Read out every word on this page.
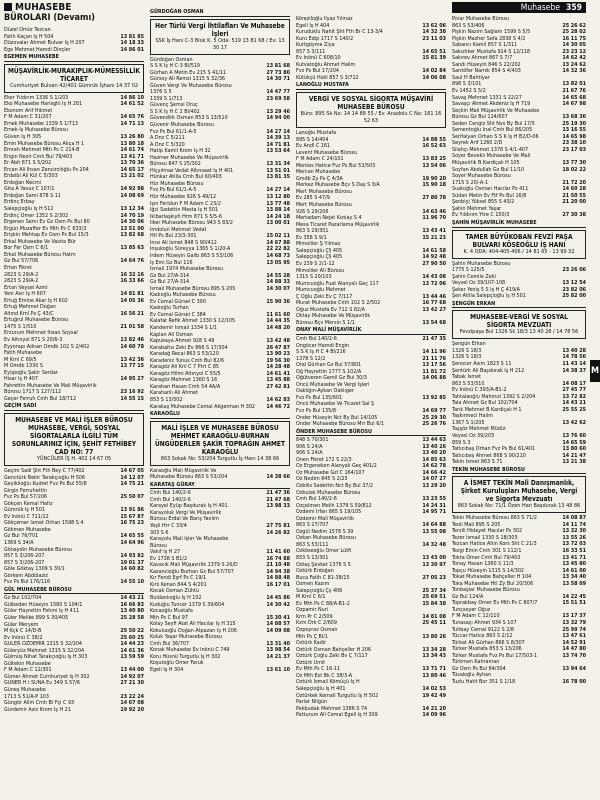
MUHASEBE
BÜROLARI (Devamı)
Muhasebe 359
M
Düzel Ömür Tezcan
Fatih Kaçan Iş H 504	13 81 85
Düzovalar Ahmet Bulvar Iş H 207	14 18 33
Ege Mehmet Hamdi Dinçler	14 86 01
EGEMEN MUHASEBE
MÜŞAVİRLİK-MURAKIPLIK-MÜMESSİLLİK TİCARET
Cumhuriyet Bulvarı 42/401 Gümrük İşhanı 14 37 02
Eker Yıldırım 1336 S 1/203	14 86 10
Eko Muhasebe Harisghi İş H 201	14 61 52
Ekonom Arif Hikmet
F M Adam C 31/207	14 65 76
Emek Muhasebe 1339 S 1/713	14 71 13
Emek-İş Muhasebe Bürosu
Güven İş H 305	13 26 80
Emin Muhasebe Bürosu Akça H 1	13 80 18
Emrah Mehmet Mth Ps C 214-B	14 61 74
Engin Nezir Cmh Bul 79/403	13 41 71
Er Abit 871 S 5/202	13 70 36
Ercan Ali İhsan Zencirciöğlu Ps 204	14 65 17
Erdalbi Ali Kül C 5/303	13 21 02
Erdoğan Necmi
Gita A Yavuz C 107/1	14 92 98
Erdoğan Sami 878 S 11	14 08 69
Erdinç Erbay
Salepçioğlu Iş H 512	13 12 34
Erdinç Ömer 1352 S 2/302	14 70 19
Ergenen Semi Ev Gz Osm Ps Bul 80	14 30 06
Ergün Muzaffer Ev Mth Ps C 633/3	13 51 00
Erişkin Mehtap Ev Osm Ps Bul 15/3	13 82 68
Erkal Muhasebe Ve Vasıta Bür
Bor Fer Qsm C 6/1	13 85 63
Erkal Muhasebe Bürosu Hatm
Gz Bul 57/706	14 64 76
Ertan Fikret
2823 S 29/A-2	16 32 16
2823 S 29/A-2	16 33 66
Ertan Veysel Azmi
Yeni Asır İş H 607	14 81 81
Ertuğ Emine Akar İş H 602	14 05 36
Ertuğ Mehmet Doğan
Altınd Krnl Ps Ç 43/C	16 56 21
Ertuğrul Muhasebe Bürosu
1475 S 1/510	21 01 58
Erzurum Mehmet Ihsan Soysal
Ev Altınyol 871 S 20/6-3	13 82 46
Eyyorapı Adnan Ömdb 102 S 2/402	14 60 78
Fatih Muhasebe
M Krnl C 69/5	13 42 36
M Ömdb 1330 S	13 77 15
Eyüpoğlu Şakir Serdar
Hisar İş H 407	14 95 27
Fahrettin Muhasebe Ve Mali Müşavirlik
Bürosu 1717 S 127/112	23 16 92
Geçer Ferruh Cmh Bul 18/712	14 55 15
GEÇİM SADİ
MUHASEBE VE MALİ İŞLER BÜROSU MUHASEBE, VERGİ, SOSYAL SİGORTALARLA İLGİLİ TÜM SORUNLARINIZ İÇİN, ŞEHİT FETHİBEY CAD NO: 77
YÜNCÜLER İŞ H. 402 14 67 05
Geçim Sadi Şht Fth Bey C 77/402	14 67 05
Genctürk Bekir Tarakçıoğlu H 506	14 12 07
Geyiklioğlu Kudret Fvz Ps Bul 55/8	14 75 21
Girgin Ferruhettin
Fvz Ps Bul 57/206	25 50 07
Gökçen Kemal Hafız
Gümrük İş H 501	13 91 86
Ev İnönü C 711/12	15 67 87
Gökçemer İsmet Orhan 1598 S 4	16 75 23
Gökmen Muhasebe
Gz Bul 76/701	14 65 55
1369 S 34/A	14 64 96
Gönaydin Muhasebe Bürosu
857 S 3/206-207	14 93 82
857 S 3/206-207	19 01 37
Göle Göktay 1309 S 30/1	14 60 82
Görkem Abdülaziz
Fvz Ps Bul 176/116	14 55 10
GÜL MUHASEBE BÜROSU
Gz Bul 102/704	14 43 21
Gülbeden Hüseyin 1580 S 104/1	16 66 83
Güler Hayrettin Fehmi İş H 411	13 40 80
Güler Melike 899 S 30/405	25 28 58
Güler Meryem
M Kçk C 14/D-B	25 50 22
Ev İnönü C 38/2	25 60 25
GÜLER ÖZDEMİR 1315 S 32/204	14 44 23
Güleryüz Mehmet 1315 S 32/204	14 61 36
Gülmüş Nihat Tarakçıoğlu İş H 303	13 59 59
Gültekin Muhasebe
F M Adam C 12/301	13 44 00
Gümer Ahmet Cumhuriyet İş H 302	14 92 07
GÜNER H İ SUNA Ev 349 S 57/6	27 21 30
Güneş Muhasebe
1713 S 51/A-P 103	23 22 24
Güngör Alim Cmh Bl Fçi C 93	14 67 08
Gürdemir Aziz Krom İş H 21	19 92 20
GÜRDOĞAN OSMAN
Her Türlü Vergi İhtilafları Ve Muhasebe İşleri
SSK İş Hanı C-3 Blok K. 5 Oda: 519 13 81 68 / Ev: 13 30 17
Gürdoğan Osman
S S K İş H C-3 Bl/519	13 81 68
Gürhan A Metin Ev 215 S 41/11	27 73 80
Gürsoy Ali Remzi 1315 S 32/36	14 30 71
Güven Vergi Ve Muhasebe Bürosu
1376 S 5	14 47 77
1339 S 1/713	23 69 58
Güvenç Şemsi Oruç
S S K İş H C 2 Bl/402	13 29 46
Güvendirk Osman 853 S 13/510	14 94 00
Güvenir Muhasebe Bürosu
Fvz Ps Bul 61/1-A-5	14 27 14
A Dnz C 5/211	14 39 13
A Dnz C 5/320	14 71 81
Hatip Kamil Krom İş H 32	13 53 64
Hazmer Muhasebe Ve Müşavirlik
Bürosu 847 S 25/302	13 31 34
Hiçyılmaz Vedat Altınsaat İş H 401	13 51 01
Hünkar Atilla Cmh Bul 60/403	13 81 35
Hür Muhasebe Bürosu
Fvz Ps Bul 61/1-A-5	14 27 14
Hür Muhasebe 926 S 49/12	13 12 80
Işın Feridun F M Adam C 23/2	13 77 48
İğci Sadettin Mesta İş H 501	13 88 14
İkibarlaşkıyh Hrm 871 S 5/5-6	14 24 18
İlker Muhasebe Bürosu 943 S 83/2	13 00 01
İmdolun Mehmet Vedat
Htl Ps Bul 23/3-301	15 02 11
İnce Ali İsmet 848 S 90/412	14 67 88
İnşukoğlu Süreyya 1365 S 1/20-A	22 22 82
İrdem Hüseyin Galib 863 S 53/106	14 68 73
İş Emi Gz Bul 116	13 05 95
İsmail 1974 Muhasebe Bürosu
Gz Bul 27/A-314	14 55 28
Gz Bul 27/A-314	14 88 33
İsmail Muhasebe Bürosu 895 S 205	14 30 07
Kadıoğlu Muhasebe Bürosu
Ev Cemal Gürsel C 300	15 90 36
Kadıoğlu Turhan
Ev Cemal Gürsel C 384	11 61 60
Kalafat Refik Ahmet 1330 S 12/105	14 44 35
Kandemir İsmail 1334 S 1/1	14 48 20
Kaplan Ali Osman
Kapukaya Ahmet 928 S 49	13 42 48
Karabaltsı Zeki Ev 866 S 17/304	26 47 87
Karadağ Recai 863 S 53/120	13 90 23
Karadeniz Yunus Cmh Bul 82/6	19 56 30
Karagöz Ali Krıl C 7 Ptrt C 85	14 28 48
Karagöz Hilmi Altınyol C 55/5	14 61 41
Karagöz Mehmet 1360 S 16	13 45 88
Karahan Hasan Cmh 54 4A/A	27 42 81
Karahanlı Ali Ahmet
853 S 13/502	14 62 83
Karakaş Muhasebe Cemal Akgerman H 302	14 46 72
KARAOĞLU
MALİ İŞLER VE MUHASEBE BÜROSU MEHMET KARAOĞLU-BURHAN ÜNGÜDERLER ŞAKİR TOPRAĞIN AHMET KARAOĞLU
863 Sokak No: 53/204 Turgutlu İş Hanı 14 38 66
Karaoğlu Mali Müşavirlik Ve
Muhasebe Bürosu 863 S 53/204	14 38 66
KARATAŞ GÜRAY
Cmh Bul 140/2-6	21 47 36
Cmh Bul 140/2-6	21 47 68
Karayel Eyüp Başdurak İş H 401	13 98 33
Karayoluk Vergi Ve Müşavirlik
Bürosu Erdal Ve Barış Yavlim
Yeşil Hrr C 33/4	27 75 81
303 S 6	14 26 82
Karayolu Mali İşler Ve Muhasebe
Bürosu
Vakıf İş H 27	11 41 60
Ev 1738 S B1/2	16 74 88
Kavacık Mali Müşavirlik 1379 S 26/D	21 10 48
Kazancioğlu Burhan Gz Bul 57/707	14 94 38
Kır Fendi Eşrf Ps C 19/1	14 88 48
Kırlı Kenan 844 S 4/201	16 17 01
Kocak Osman Zühtü
Buldanlıoğlu İş H 102	14 45 86
Kuduğlu Tuncer 1379 S 39/604	14 30 42
Kocaoğlu Mustafa
Mth Ps C Bul 97	15 30 41
Kolay Seyfi Atat Ali Hacılar İş H 315	14 88 57
Kokuluoğlu Doğan Atpazarı İş H 206	14 09 08
Koluk Yaşar Muhasebe Bürosu
Cmh Bul 36/707	13 31 40
Konak Muhasebe Ev İnönü C 749	13 98 54
Koru Hüsnü Turgutlu İş H 302	14 21 37
Koşutoğlu Ömer Faruk
Egeli İş H 304	13 61 10
Köreziloğlu İlyaz Yılmaz
Egeli İş H 404	13 62 06
Kuruduklu Nahit Şht Fth Br C 13-3/4	14 32 38
Kuru Edip 1717 S 140/2	23 11 03
Kurtgöyme Ziya
857 S 3/111	14 65 51
Ev İnönü C 608/10	15 81 39
Kutvatoğlu Ahmet Halim
Fvz Ps Bul 17/204	14 02 84
Kütükçü Halil 857 S 3/712	14 06 08
LANOĞLU MUSTAFA
VERGİ VE SOSYAL SİGORTA MÜŞAVİRİ MUHASEBE BÜROSU
Büro: 895 Sk No: 14 14 88 55 / Ev. Anadolu C No: 161 16 52 63
Lanoğlu Mustafa
895 S 14/404	14 88 55
Ev Andl C 161	16 52 63
Levent Muhasebe Bürosu
F M Adam C 24/101	13 83 25
Mentes Hatice Fvz Ps Bul 53/503	13 54 06
Mercan Muhasebe
Gmdb Zy Ps Ç 4/3A	19 90 20
Merkez Muhasebe Bçv S Daş S 3/A	15 90 18
Mert Muhasebe Bürosu
Ev 285 S 47/9	27 80 78
Mert Muhasebe Bürosu
926 S 29/206	14 63 46
Mertadam Nejat Kızılay S 4	11 96 70
Mesa Ticaret Pazarlama Müşavirlik
863 S 29/301	13 43 41
Ev 358 S 9/1	15 21 23
Mimoliler Ş Yılmaz
Salepçioğlu Ç§ 405	14 61 58
Salepçioğlu Ç§ 405	14 92 48
Ev 239 S 2/1-12	27 90 50
Mimoliler Ali Bürosu
1315 S 20/103	14 43 08
Mumcuoğlu Fuat Alanyalı Geç 117	13 72 06
Mumcuoğlu Mehmet
Ç Oğlu Zeki Ev Ç 7/117	13 44 46
Murat Muhasebe Cmh 102 S 2/502	16 77 68
Oğuz Mustafa Ev 712 S 82/A	13 42 27
Oktay Muhasebe Ve Müşavirlik
Bürosu Bçv Mersin S 1/1	13 54 68
ONAY MALİ MÜŞAVİRLİK
Cmh Bul 140/2-6	21 47 35
Öngöcer Hamdi Engin
S S K İş H C 4 Bl/216	14 11 96
1378 S 12/2	21 11 76
Öral Gürhan Gz Bul 57/801	13 17 56
Öğ Hayrettin 1777 S 102/A	11 81 72
Öğütveren Gemil Gz Bul 30/3	14 06 88
Öncü Muhasebe Ve Vergi İşleri
Oaklığın-Aykan Oaklıger
Fvz Ps Bul 135/601	13 92 85
Öncü Muhasebe Ve Ticaret Sal Ş
Fvz Ps Bul 135/8	14 69 77
Önder Hüseyin Nct By Bul 14/105	25 29 30
Önder Muhasebe Bürosu Mrr Bul 6/1	25 26 76
ÖNDER MUHASEBE BÜROSU
848 S 70/301	13 44 63
906 S 24/A	13 40 26
906 S 24/A	13 40 20
Önen Fikret 172 S 22/3	14 85 63
Öz Ergenekon Alanyalı Geç 401/2	14 62 78
Öz Muhasebe Gzl C 164/107	14 66 42
Öz Nedim 845 S 2/23	14 07 27
Özbilis Sadettin Nct By Bul 37/2	13 29 20
Özbulak Muhasebe Bürosu
Cmh Bul 140/2-6	13 23 55
Özçelmen Melih 1379 S 59/812	14 24 31
Özdemi İrfan 865 S 19/105	14 95 71
Özdemir Mali Müşavirlik
863 S 27/707	14 64 88
Özgül Nedim 1578 S 39	13 55 08
Özkan Muhasebe Bürosu
863 S 53/111	14 32 48
Özköseoğlu Ömer Lütfi
853 S 13/301	13 43 00
Öztaş Şevket 1376 S 5	13 30 97
Öztürk Erdoğan
Buca Fatih C 81-38/15	27 05 23
Özmen Kazım
Salepçioğlu Çş 406	25 37 34
M Krnl C 6/1	25 69 51
Ev Mth Ps C 88/A-B1-2	15 84 38
Özpamir Nuri
Krm Pr C 2/509	14 81 08
Kzm Drk C 2/609	25 45 11
Özpoyraz Osman
Mth Ps Ç Bl/1	13 80 26
Öztürk Kadir
Öztürk Osman Bahçeller H 206	13 34 28
Öztürk Çoğlu Zeki Bv Ç 7/117	13 34 43
Öztürk Ümit
Ev Mth Ps C 16-11	13 71 71
Öz Mth Est Bk C 38/3-A	13 80 46
Öztürk İsmail Kömüçü İş H
Salepçioğlu İş H 401	14 02 53
Öztürkek Kemali Turgutlu İş H 502	19 42 49
Parlar Nilgün
Pekbudak Mehmet 1386 S 74	14 21 20
Patturum Ali Cemal Egeli İş H 309	14 09 96
Pınar Muhasebe Bürosu
863 S 53/406	25 26 62
Pişkin Nazım Sağlam 1599 S 5/5	25 28 02
Pişkin Mazher Sefa 2838 S 4/2	16 11 75
Sabancı Kamil 857 S 1/311	14 30 05
Sakızlıker Mustafa 914 S 12/118	23 23 12
Sakırev Ahmet 867 S 7/7	14 62 42
Sandı Hüseyin 846 S 22/202	13 24 62
Sarıtöfer Namık 854 S 4/403	14 32 36
Saul H Bahtiyar
898 S 3/101	13 82 01
Ev 1452 S 5/2	21 67 76
Savaş Mehmet 1331 S 22/27	14 65 68
Savaşçı Ahmet Akdeniz İş H 719	14 67 98
Seçkin Mali Müşavirlik Ve Muhasebe
Bürosu Gz Bul 124/607	13 68 36
Seden Cengiz Sht Nvs By Bul 17/5	25 19 30
Sementoğlu İnal Cmh Bul 86/205	13 16 55
Serifalyan Orhan S S K İş H B2/D-06	14 65 98
Seyrek Arif 1260 2/D	23 38 10
Silahçı Mehmet 1378 S 4/1-407	23 17 03
Soyer Beveklı Muhasebe Ve Mali
Müşavirlik B Kardiçalı H 105	13 77 30
Soyfan Abdullah Gz Bul 11/10	18 02 22
Soyer Muhasebe Bürosu
1715 S 20/-A-1	21 72 20
Suatoğlu Osman Hacılar Ps 411	14 60 28
Südan Metin Ev Ftf Ps Bul 16/8	21 50 55
Şenbiyi Yüksel 855 S 43/2	21 20 00
Şahin Mehmet Yaşar
Ev Yıldırım Ytre C 150/3	27 30 38
ŞAHİN MÜŞAVİRLİK MUHASEBE
TAMER BÜYÜKOBAN FEVZİ PAŞA BULVARI KÖSEOĞLU İŞ HANI
K. 4 ODA: 404-405-406 / 14 81 65 - 13 99 32
Şahin Muhasebe Bürosu
1775 S 125/5	23 26 06
Şahin Cemile Zeki
Veysel Öz 39/107-108	13 12 54
Şeker Yeniş 5 S İş H Ç 419/A	23 82 06
Şen Atilla Salepçioğlu İş H 501	25 82 00
ŞENGÜN ERKAN
MUHASEBE-VERGİ VE SOSYAL SİGORTA MEVZUATI
Fevzipaşa Bul 1326 Sk 18/3 13 40 28 / 14 78 56
Şengün Erkan
1326 S 18/3	13 40 28
1326 S 18/3	14 78 56
Şenocer Asım 1823 S 11	11 43 14
Şentürk Ali Başdurak İş H 212	14 38 37
Tabak İsmet
863 S 53/510	14 08 17
Ev İnönü C 393/A-B1-2	27 45 77
Tahtalaoğlu Mahmut 1392 S 2/204	13 72 82
Tala Ahmet Gz Bul 102/704	14 43 21
Tarık Mehmet B Kardiçalı H 1	25 55 25
Taşkırmeci Halim
1367 S 1/205	13 42 62
Taşşöz Mehmet Müdür
Veysel Öz 39/203	13 76 60
859 S 3	14 65 59
Tatlıcıbaş Orhan Fvz Ps Bul 61/401	13 80 60
Tatlıcıbaş Ahmet 868 S 90/210	14 21 47
Tekin İsmet 863 S 71	13 21 38
TEKİN MUHASEBE BÜROSU
A İSMET TEKİN Mali Danışmanlık, Şirket Kuruluşları Muhasebe, Vergi ve Sigorta Mevzuatı
863 Sokak No: 71/1 Özen Han Başdurak 13 48 86
Tekin Muhasebe Bürosu 863 S 71/2	14 08 87
Teoli Mali 895 S 205	14 11 74
Terzili Hidayet Hacılar Ps 302	13 32 30
Tezer İsmail 1330 S 18/303	13 55 26
Tezcan Hatice Altın Kors Sht C 21/3	13 72 03
Tezgi Emin Cmh 301 S 112/1	16 33 51
Tokta Ömer Cmh Bul 79/403	13 41 71
Tonay Hasan 1360 S 11/3	13 45 80
Topçu Hüseyin 1315 S 14/302	14 61 00
Tokat Muhasebe Bahçeller H 104	13 34 40
Toka Muhasebe Htl Zy Bul 20/306	13 58 09
Tonbaşlar Muhasebe Bürosu
Gz Bul 124/A	14 22 45
Toprakbay Ömer Ev Mth Ps C 807/7	15 51 51
Tunçsoyer Oğuz
F M Adam C 12/110	13 17 37
Tunasaçı Ahmet 934 S 107	13 32 79
Tuhbay Cemal 9122 S 2/8	25 99 74
Tüccar Hatice 863 S 2/12	13 47 61
Türkat Ali Gürhan 866 S 8/307	14 52 91
Türker Mustafa 853 S 13/206	14 47 80
Türker Mustafa Fvz Ps Bul 17/503-1	13 74 70
Türkmen Kahraman
Gz Osm Ps Bul 84/304	13 94 64
Tüsaloğlu Ayhan
Tuzlu Hatit Bor 351 S 1/18	16 78 00
